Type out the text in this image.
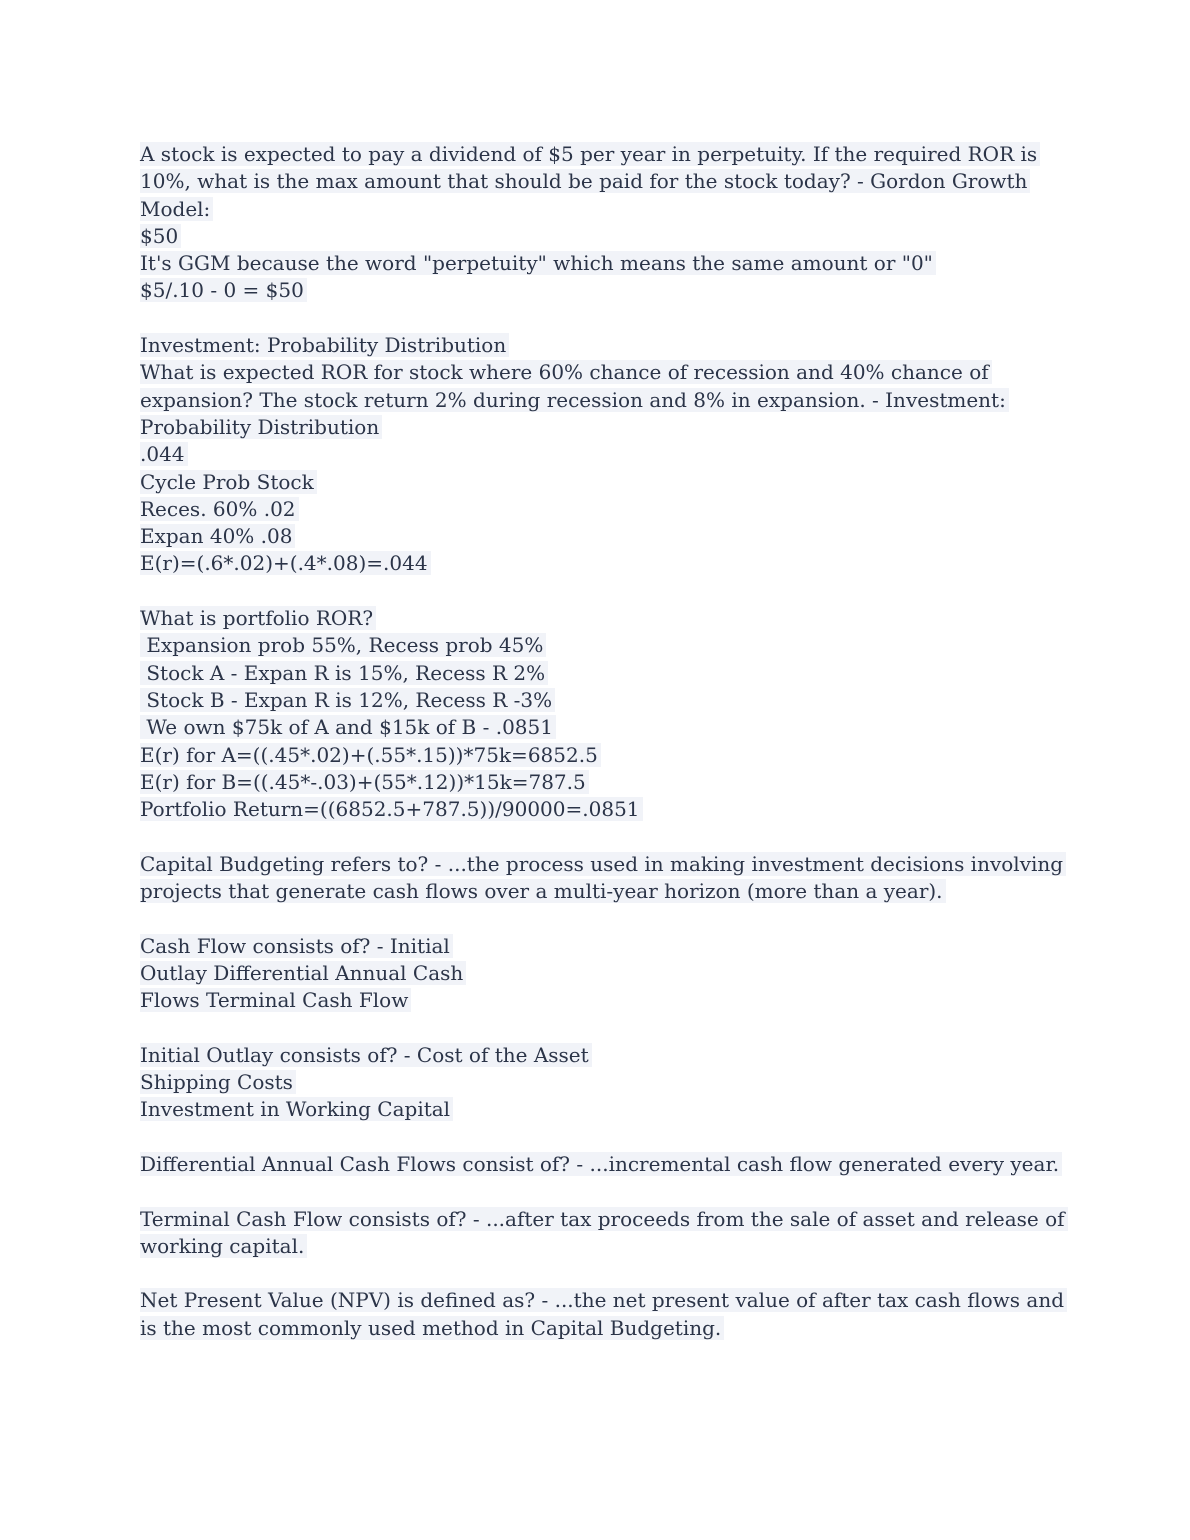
A stock is expected to pay a dividend of $5 per year in perpetuity. If the required ROR is
10%, what is the max amount that should be paid for the stock today? - Gordon Growth
Model:
$50
It's GGM because the word "perpetuity" which means the same amount or "0"
$5/.10 - 0 = $50
Investment: Probability Distribution
What is expected ROR for stock where 60% chance of recession and 40% chance of
expansion? The stock return 2% during recession and 8% in expansion. - Investment:
Probability Distribution
.044
Cycle Prob Stock
Reces. 60% .02
Expan 40% .08
E(r)=(.6*.02)+(.4*.08)=.044
What is portfolio ROR?
Expansion prob 55%, Recess prob 45%
Stock A - Expan R is 15%, Recess R 2%
Stock B - Expan R is 12%, Recess R -3%
We own $75k of A and $15k of B - .0851
E(r) for A=((.45*.02)+(.55*.15))*75k=6852.5
E(r) for B=((.45*-.03)+(55*.12))*15k=787.5
Portfolio Return=((6852.5+787.5))/90000=.0851
Capital Budgeting refers to? - ...the process used in making investment decisions involving
projects that generate cash flows over a multi-year horizon (more than a year).
Cash Flow consists of? - Initial
Outlay Differential Annual Cash
Flows Terminal Cash Flow
Initial Outlay consists of? - Cost of the Asset
Shipping Costs
Investment in Working Capital
Differential Annual Cash Flows consist of? - ...incremental cash flow generated every year.
Terminal Cash Flow consists of? - ...after tax proceeds from the sale of asset and release of
working capital.
Net Present Value (NPV) is defined as? - ...the net present value of after tax cash flows and
is the most commonly used method in Capital Budgeting.
